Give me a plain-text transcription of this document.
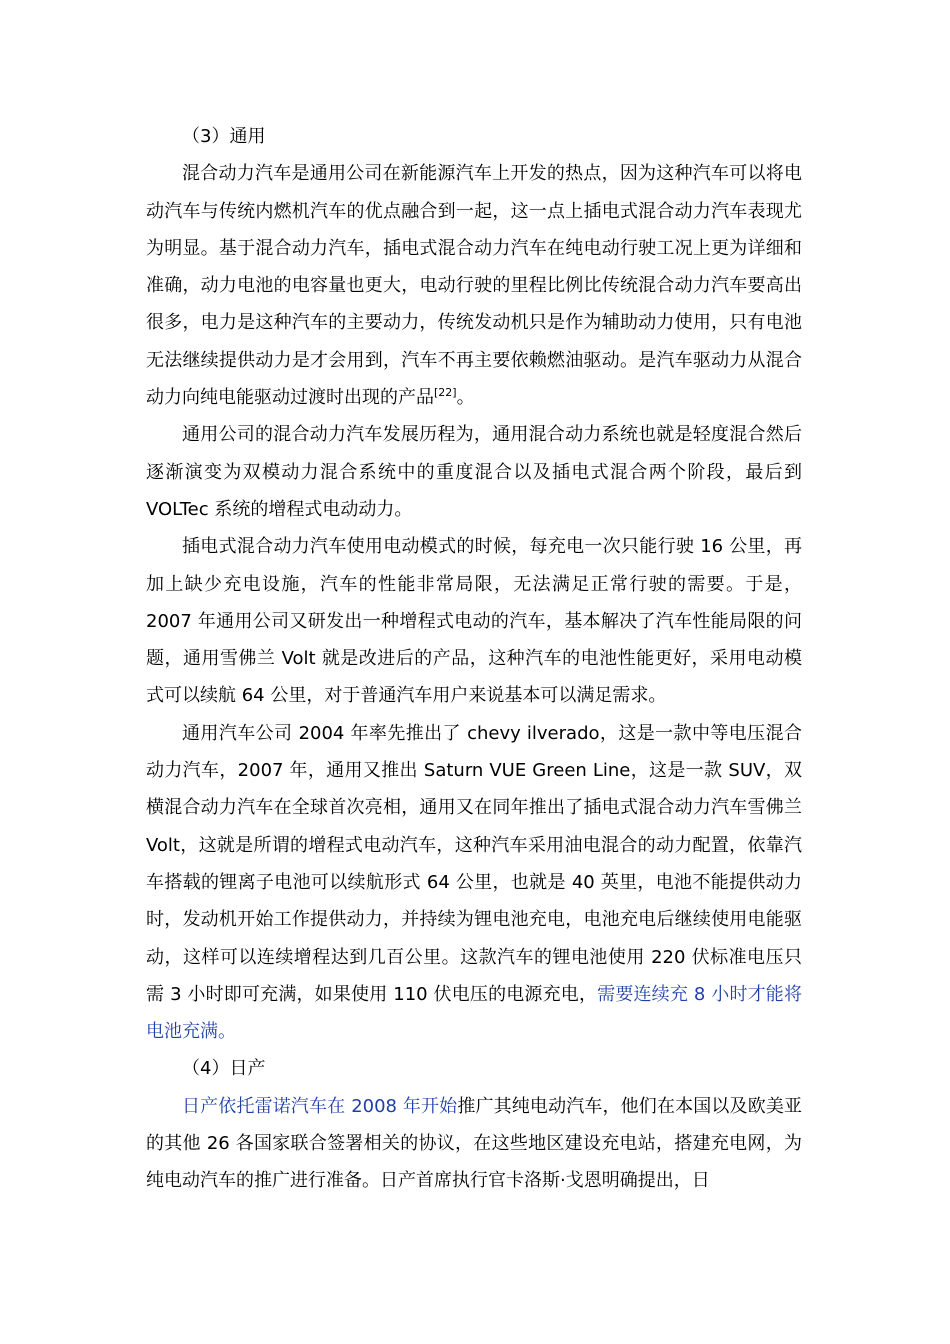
（3）通用

混合动力汽车是通用公司在新能源汽车上开发的热点，因为这种汽车可以将电动汽车与传统内燃机汽车的优点融合到一起，这一点上插电式混合动力汽车表现尤为明显。基于混合动力汽车，插电式混合动力汽车在纯电动行驶工况上更为详细和准确，动力电池的电容量也更大，电动行驶的里程比例比传统混合动力汽车要高出很多，电力是这种汽车的主要动力，传统发动机只是作为辅助动力使用，只有电池无法继续提供动力是才会用到，汽车不再主要依赖燃油驱动。是汽车驱动力从混合动力向纯电能驱动过渡时出现的产品[22]。

通用公司的混合动力汽车发展历程为，通用混合动力系统也就是轻度混合然后逐渐演变为双模动力混合系统中的重度混合以及插电式混合两个阶段，最后到 VOLTec 系统的增程式电动动力。

插电式混合动力汽车使用电动模式的时候，每充电一次只能行驶 16 公里，再加上缺少充电设施，汽车的性能非常局限，无法满足正常行驶的需要。于是，2007 年通用公司又研发出一种增程式电动的汽车，基本解决了汽车性能局限的问题，通用雪佛兰 Volt 就是改进后的产品，这种汽车的电池性能更好，采用电动模式可以续航 64 公里，对于普通汽车用户来说基本可以满足需求。

通用汽车公司 2004 年率先推出了 chevy ilverado，这是一款中等电压混合动力汽车，2007 年，通用又推出 Saturn VUE Green Line，这是一款 SUV，双横混合动力汽车在全球首次亮相，通用又在同年推出了插电式混合动力汽车雪佛兰 Volt，这就是所谓的增程式电动汽车，这种汽车采用油电混合的动力配置，依靠汽车搭载的锂离子电池可以续航形式 64 公里，也就是 40 英里，电池不能提供动力时，发动机开始工作提供动力，并持续为锂电池充电，电池充电后继续使用电能驱动，这样可以连续增程达到几百公里。这款汽车的锂电池使用 220 伏标准电压只需 3 小时即可充满，如果使用 110 伏电压的电源充电，需要连续充 8 小时才能将电池充满。

（4）日产

日产依托雷诺汽车在 2008 年开始推广其纯电动汽车，他们在本国以及欧美亚的其他 26 各国家联合签署相关的协议，在这些地区建设充电站，搭建充电网，为纯电动汽车的推广进行准备。日产首席执行官卡洛斯·戈恩明确提出，日
